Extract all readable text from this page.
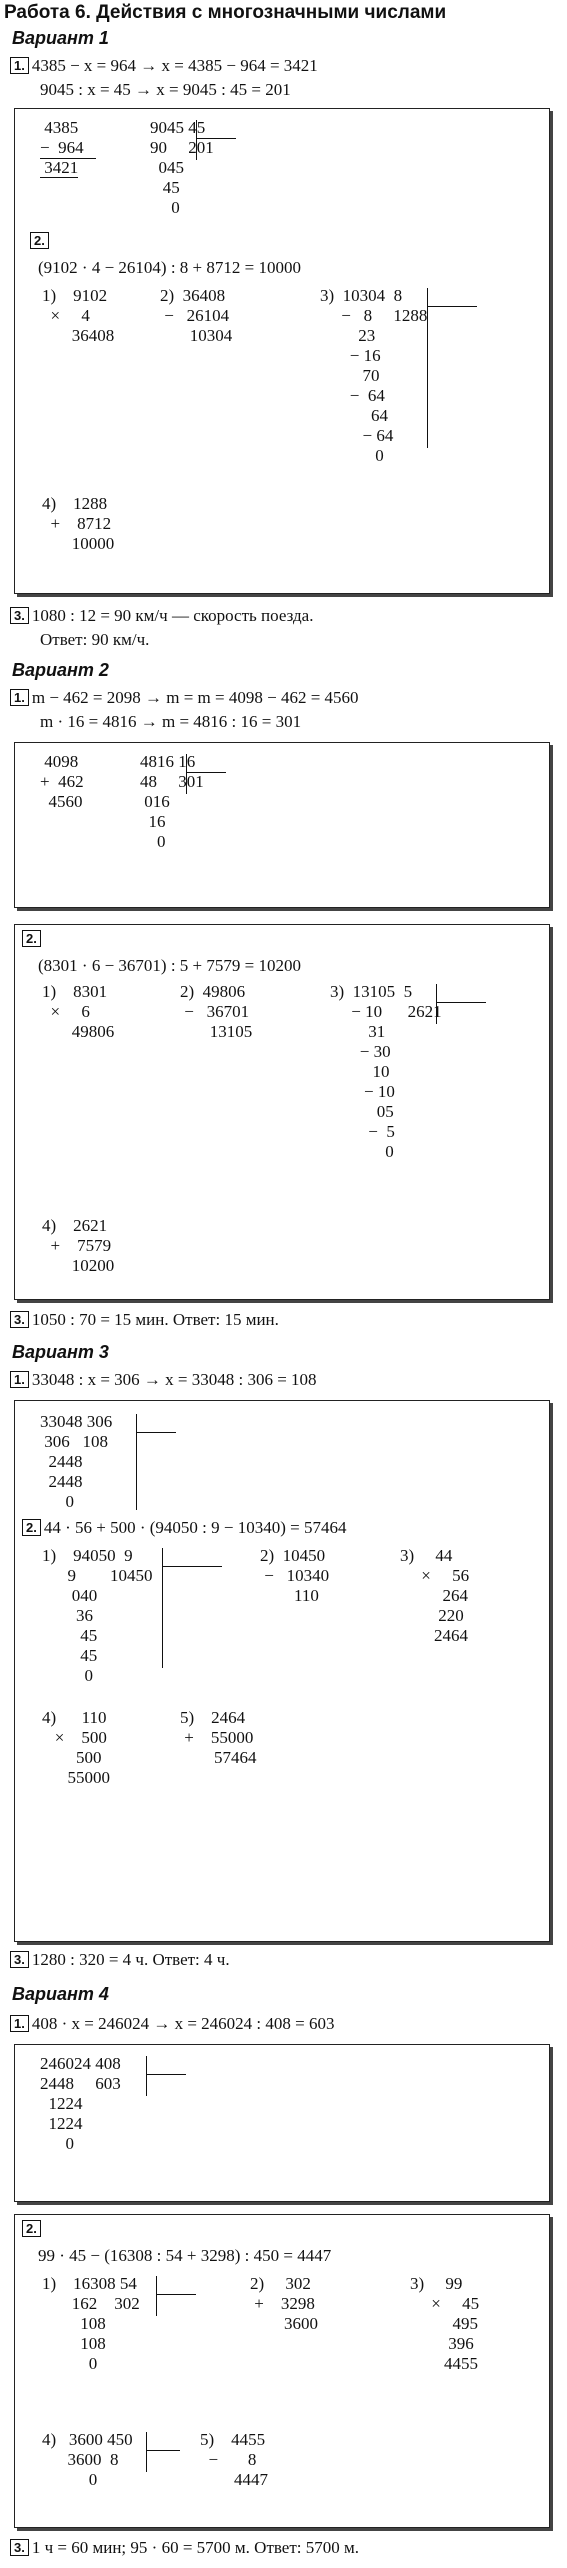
Работа 6. Действия с многозначными числами
Вариант 1
1. 4385 − x = 964 → x = 4385 − 964 = 3421
9045 : x = 45 → x = 9045 : 45 = 201
4385
−  964
3421
9045 45
90     201
045
45
0
2.
(9102 · 4 − 26104) : 8 + 8712 = 10000
1)    9102
×     4
36408
2)  36408
−   26104
10304
3)  10304  8
−   8     1288
23
− 16
70
−  64
64
− 64
0
4)    1288
+    8712
10000
3. 1080 : 12 = 90 км/ч — скорость поезда.
Ответ: 90 км/ч.
Вариант 2
1. m − 462 = 2098 → m = m = 4098 − 462 = 4560
m · 16 = 4816 → m = 4816 : 16 = 301
4098
+  462
4560
4816 16
48     301
016
16
0
2.
(8301 · 6 − 36701) : 5 + 7579 = 10200
1)    8301
×     6
49806
2)  49806
−   36701
13105
3)  13105  5
− 10      2621
31
− 30
10
− 10
05
−  5
0
4)    2621
+    7579
10200
3. 1050 : 70 = 15 мин. Ответ: 15 мин.
Вариант 3
1. 33048 : x = 306 → x = 33048 : 306 = 108
33048 306
306   108
2448
2448
0
2. 44 · 56 + 500 · (94050 : 9 − 10340) = 57464
1)    94050  9
9        10450
040
36
45
45
0
2)  10450
−   10340
110
3)     44
×     56
264
220
2464
4)      110
×    500
500
55000
5)    2464
+    55000
57464
3. 1280 : 320 = 4 ч. Ответ: 4 ч.
Вариант 4
1. 408 · x = 246024 → x = 246024 : 408 = 603
246024 408
2448     603
1224
1224
0
2.
99 · 45 − (16308 : 54 + 3298) : 450 = 4447
1)    16308 54
162    302
108
108
0
2)     302
+    3298
3600
3)     99
×     45
495
396
4455
4)   3600 450
3600  8
0
5)    4455
−       8
4447
3. 1 ч = 60 мин; 95 · 60 = 5700 м. Ответ: 5700 м.
